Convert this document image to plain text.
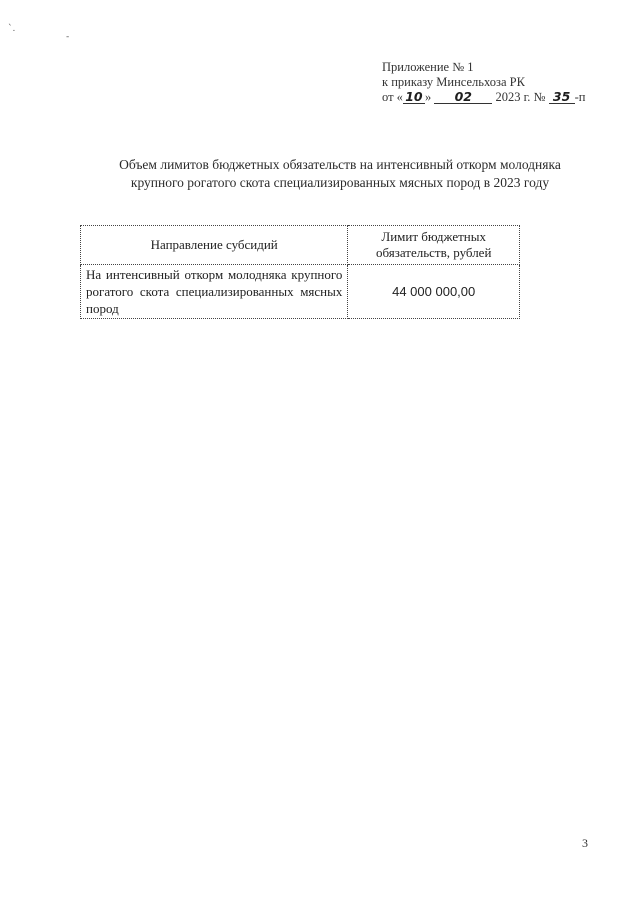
`.
-
Приложение № 1
к приказу Минсельхоза РК
от « 10 » 02 2023 г. № 35 -п
Объем лимитов бюджетных обязательств на интенсивный откорм молодняка
крупного рогатого скота специализированных мясных пород в 2023 году
Направление субсидий	Лимит бюджетных обязательств, рублей
На интенсивный откорм молодняка крупного рогатого скота специализированных мясных пород	44 000 000,00
3
